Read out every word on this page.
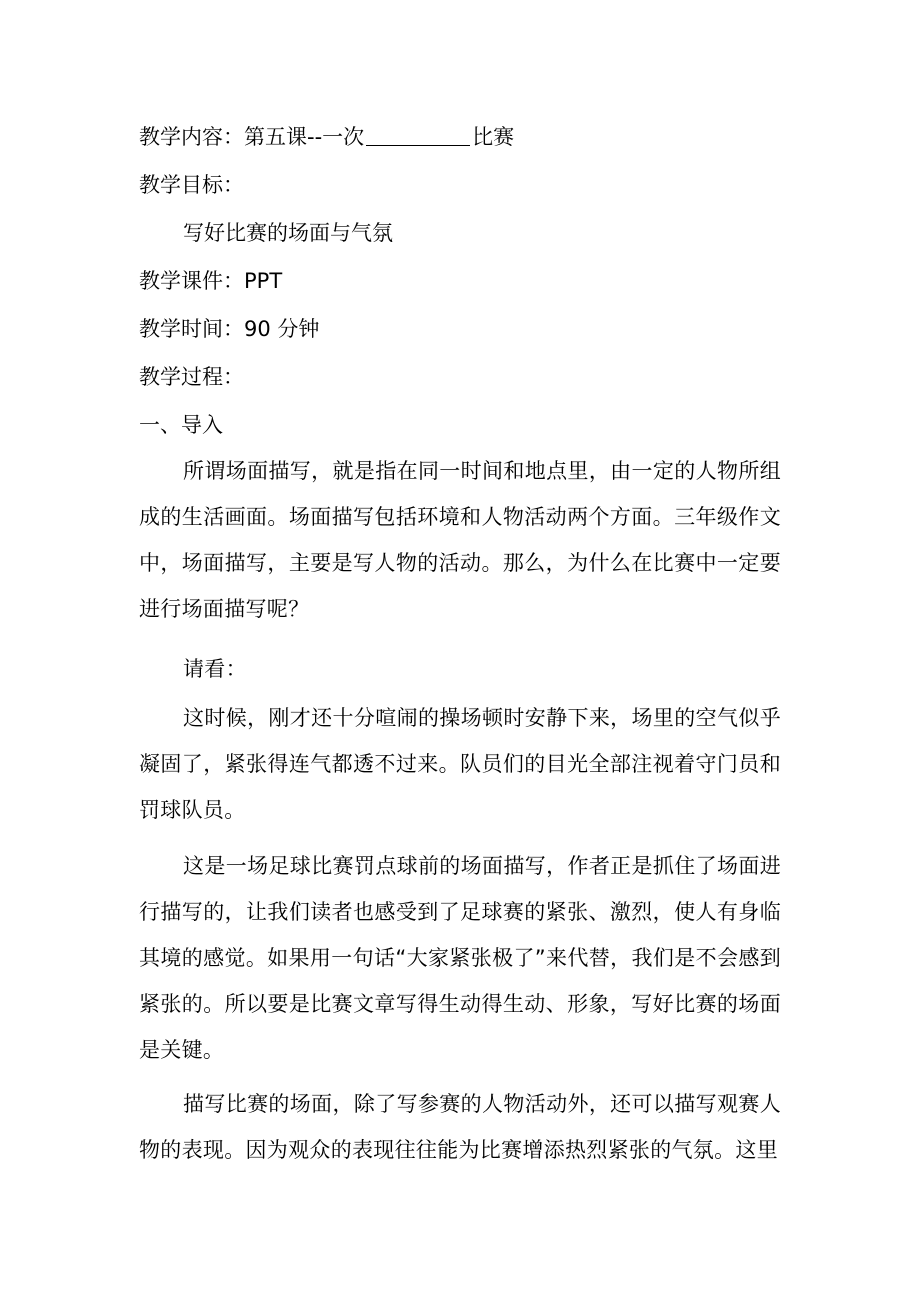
教学内容：第五课--一次	比赛
教学目标：
写好比赛的场面与气氛
教学课件：PPT
教学时间：90 分钟
教学过程：
一、导入
所谓场面描写，就是指在同一时间和地点里，由一定的人物所组成的生活画面。场面描写包括环境和人物活动两个方面。三年级作文中，场面描写，主要是写人物的活动。那么，为什么在比赛中一定要进行场面描写呢？
请看：
这时候，刚才还十分喧闹的操场顿时安静下来，场里的空气似乎凝固了，紧张得连气都透不过来。队员们的目光全部注视着守门员和罚球队员。
这是一场足球比赛罚点球前的场面描写，作者正是抓住了场面进行描写的，让我们读者也感受到了足球赛的紧张、激烈，使人有身临其境的感觉。如果用一句话“大家紧张极了”来代替，我们是不会感到紧张的。所以要是比赛文章写得生动得生动、形象，写好比赛的场面是关键。
描写比赛的场面，除了写参赛的人物活动外，还可以描写观赛人物的表现。因为观众的表现往往能为比赛增添热烈紧张的气氛。这里
